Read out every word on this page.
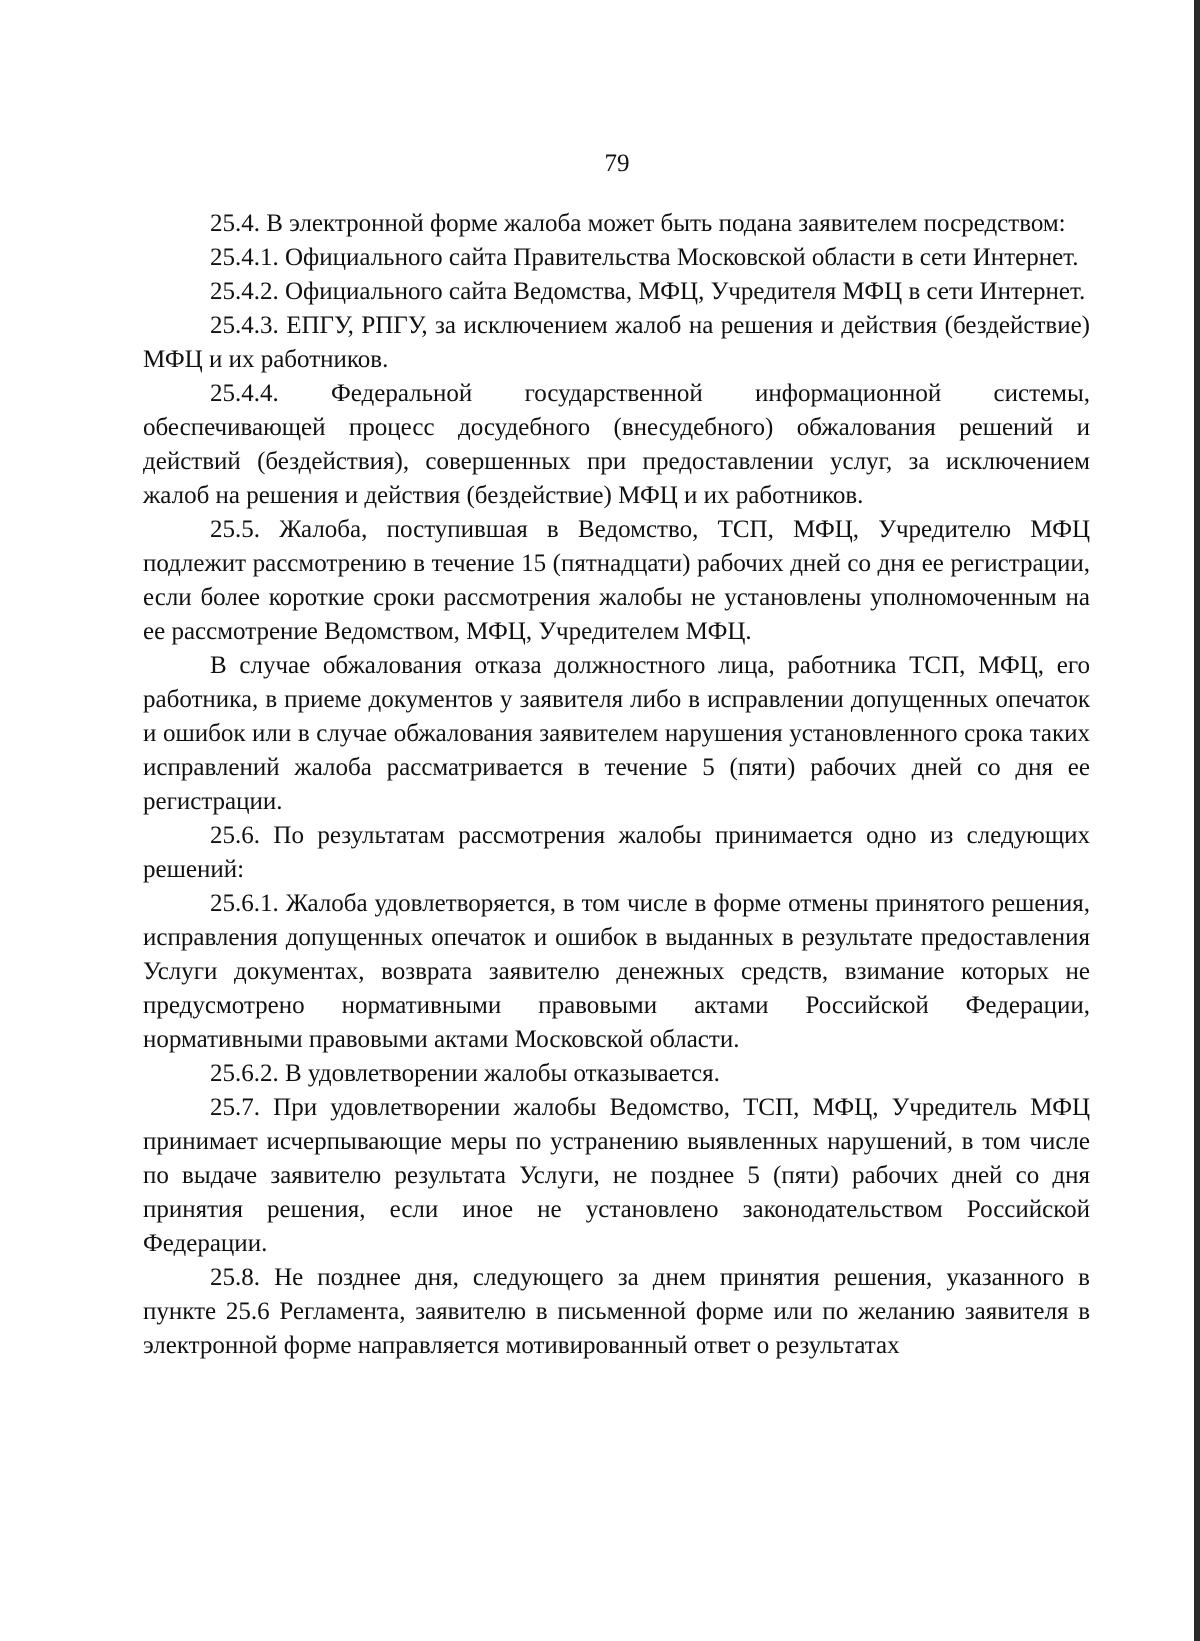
79

25.4. В электронной форме жалоба может быть подана заявителем посредством:

25.4.1. Официального сайта Правительства Московской области в сети Интернет.

25.4.2. Официального сайта Ведомства, МФЦ, Учредителя МФЦ в сети Интернет.

25.4.3. ЕПГУ, РПГУ, за исключением жалоб на решения и действия (бездействие) МФЦ и их работников.

25.4.4. Федеральной государственной информационной системы, обеспечивающей процесс досудебного (внесудебного) обжалования решений и действий (бездействия), совершенных при предоставлении услуг, за исключением жалоб на решения и действия (бездействие) МФЦ и их работников.

25.5. Жалоба, поступившая в Ведомство, ТСП, МФЦ, Учредителю МФЦ подлежит рассмотрению в течение 15 (пятнадцати) рабочих дней со дня ее регистрации, если более короткие сроки рассмотрения жалобы не установлены уполномоченным на ее рассмотрение Ведомством, МФЦ, Учредителем МФЦ.

В случае обжалования отказа должностного лица, работника ТСП, МФЦ, его работника, в приеме документов у заявителя либо в исправлении допущенных опечаток и ошибок или в случае обжалования заявителем нарушения установленного срока таких исправлений жалоба рассматривается в течение 5 (пяти) рабочих дней со дня ее регистрации.

25.6. По результатам рассмотрения жалобы принимается одно из следующих решений:

25.6.1. Жалоба удовлетворяется, в том числе в форме отмены принятого решения, исправления допущенных опечаток и ошибок в выданных в результате предоставления Услуги документах, возврата заявителю денежных средств, взимание которых не предусмотрено нормативными правовыми актами Российской Федерации, нормативными правовыми актами Московской области.

25.6.2. В удовлетворении жалобы отказывается.

25.7. При удовлетворении жалобы Ведомство, ТСП, МФЦ, Учредитель МФЦ принимает исчерпывающие меры по устранению выявленных нарушений, в том числе по выдаче заявителю результата Услуги, не позднее 5 (пяти) рабочих дней со дня принятия решения, если иное не установлено законодательством Российской Федерации.

25.8. Не позднее дня, следующего за днем принятия решения, указанного в пункте 25.6 Регламента, заявителю в письменной форме или по желанию заявителя в электронной форме направляется мотивированный ответ о результатах
